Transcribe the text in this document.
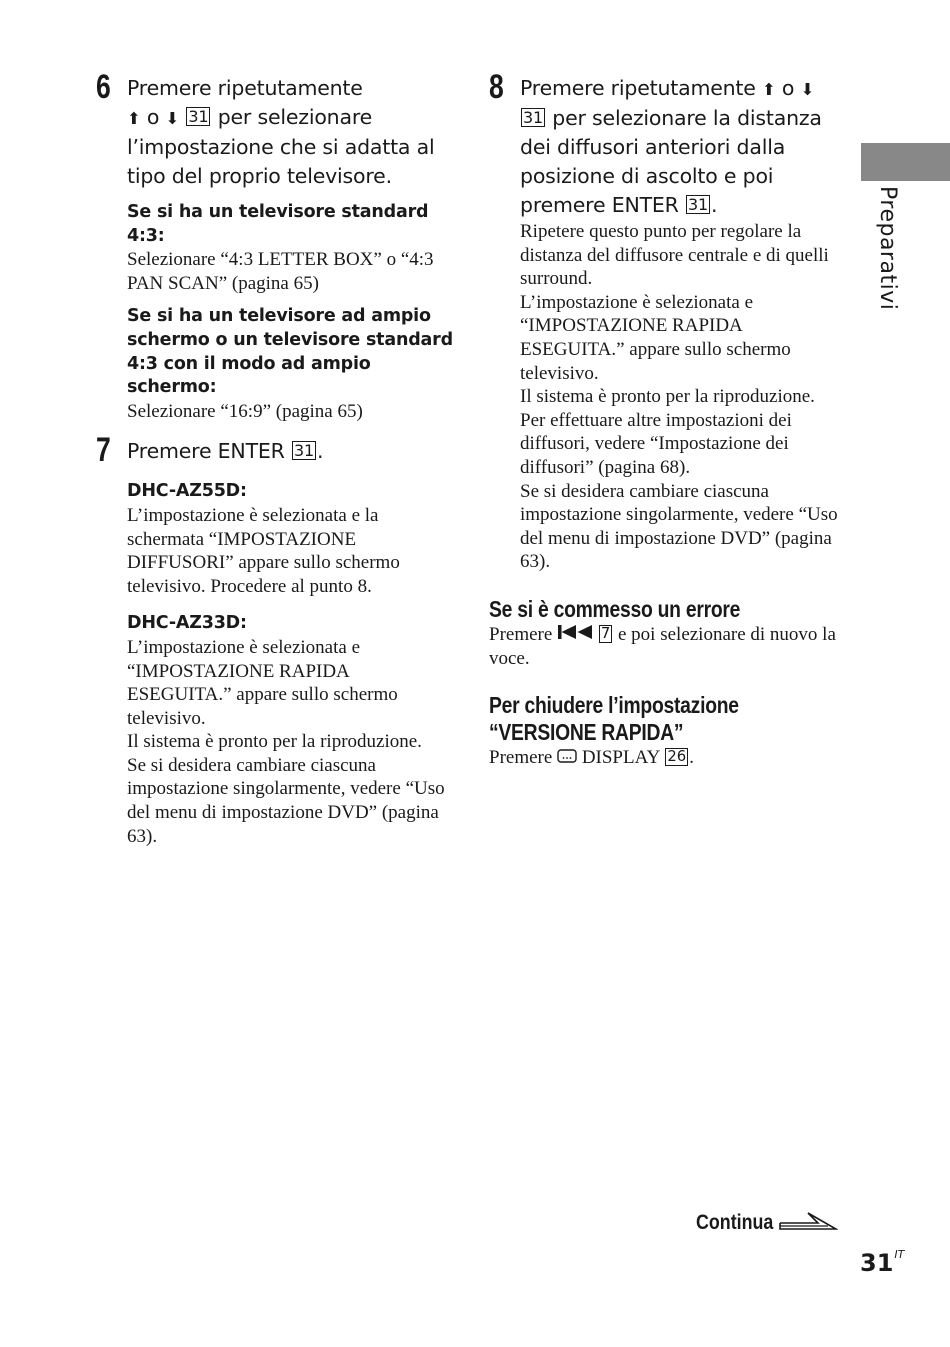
Preparativi
6 Premere ripetutamente
⬆ o ⬇ 31 per selezionare l’impostazione che si adatta al tipo del proprio televisore.

Se si ha un televisore standard 4:3:

Selezionare “4:3 LETTER BOX” o “4:3 PAN SCAN” (pagina 65)

Se si ha un televisore ad ampio schermo o un televisore standard 4:3 con il modo ad ampio schermo:

Selezionare “16:9” (pagina 65)

7 Premere ENTER 31 .

DHC-AZ55D:

L’impostazione è selezionata e la schermata “IMPOSTAZIONE DIFFUSORI” appare sullo schermo televisivo. Procedere al punto 8.

DHC-AZ33D:

L’impostazione è selezionata e “IMPOSTAZIONE RAPIDA ESEGUITA.” appare sullo schermo televisivo.

Il sistema è pronto per la riproduzione.

Se si desidera cambiare ciascuna impostazione singolarmente, vedere “Uso del menu di impostazione DVD” (pagina 63).

8 Premere ripetutamente ⬆ o ⬇
31 per selezionare la distanza dei diffusori anteriori dalla posizione di ascolto e poi premere ENTER 31 .

Ripetere questo punto per regolare la distanza del diffusore centrale e di quelli surround.

L’impostazione è selezionata e “IMPOSTAZIONE RAPIDA ESEGUITA.” appare sullo schermo televisivo.

Il sistema è pronto per la riproduzione. Per effettuare altre impostazioni dei diffusori, vedere “Impostazione dei diffusori” (pagina 68).

Se si desidera cambiare ciascuna impostazione singolarmente, vedere “Uso del menu di impostazione DVD” (pagina 63).

Se si è commesso un errore

Premere	7 e poi selezionare di nuovo la voce.

Per chiudere l’impostazione “VERSIONE RAPIDA”

Premere DISPLAY 26 .

Continua
$31^{IT}$
